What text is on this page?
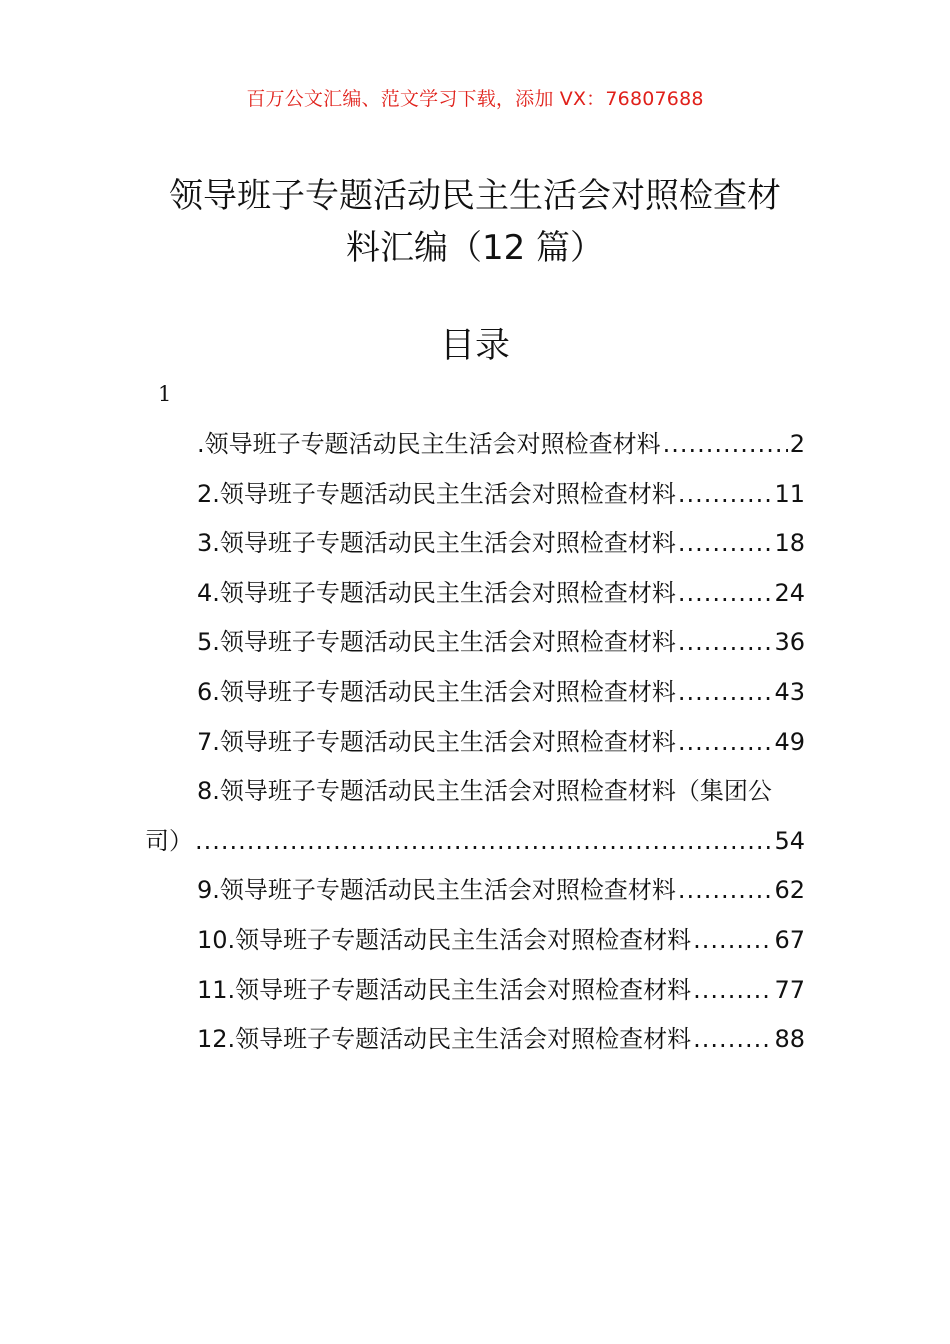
百万公文汇编、范文学习下载，添加 VX：76807688
领导班子专题活动民主生活会对照检查材
料汇编（12 篇）
目录
1
.领导班子专题活动民主生活会对照检查材料 .....	2
2.领导班子专题活动民主生活会对照检查材料 .....	11
3.领导班子专题活动民主生活会对照检查材料 .....	18
4.领导班子专题活动民主生活会对照检查材料 .....	24
5.领导班子专题活动民主生活会对照检查材料 .....	36
6.领导班子专题活动民主生活会对照检查材料 .....	43
7.领导班子专题活动民主生活会对照检查材料 .....	49
8.领导班子专题活动民主生活会对照检查材料（集团公
司） .....	54
9.领导班子专题活动民主生活会对照检查材料 .....	62
10.领导班子专题活动民主生活会对照检查材料 .....	67
11.领导班子专题活动民主生活会对照检查材料 .....	77
12.领导班子专题活动民主生活会对照检查材料 .....	88
